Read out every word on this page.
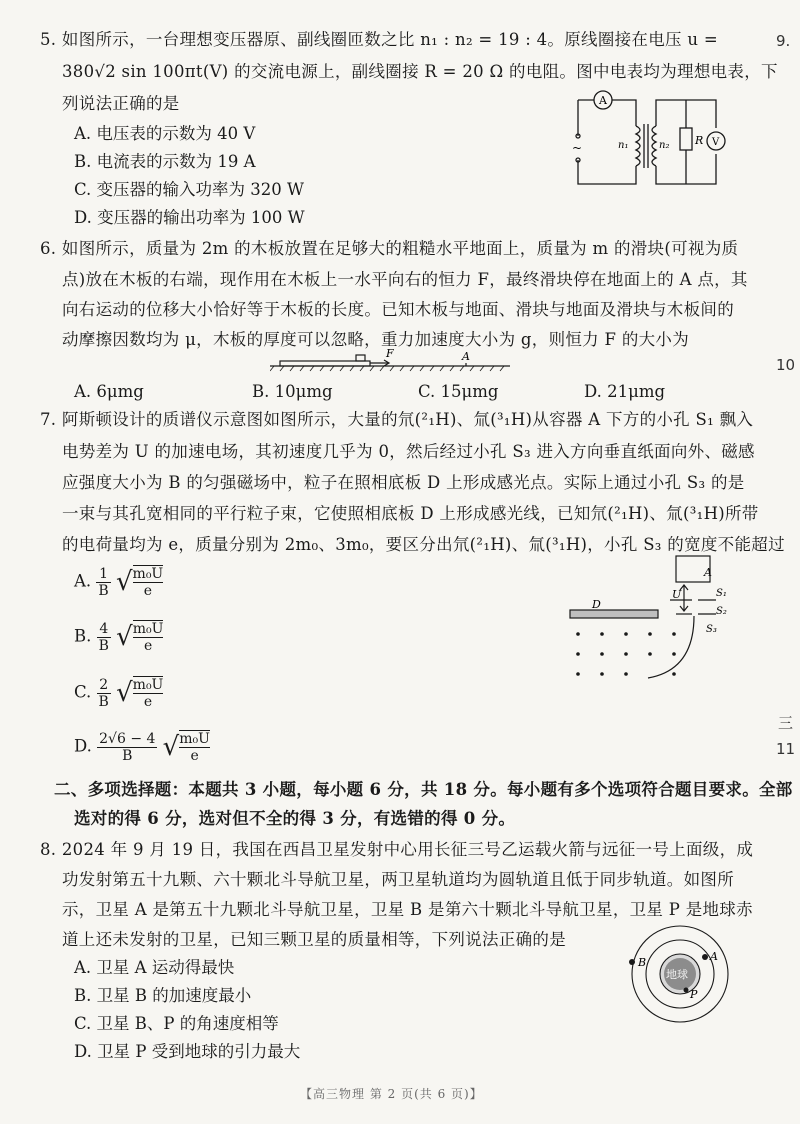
5. 如图所示，一台理想变压器原、副线圈匝数之比 n₁ : n₂ = 19 : 4。原线圈接在电压 u =
380√2 sin 100πt(V) 的交流电源上，副线圈接 R = 20 Ω 的电阻。图中电表均为理想电表，下
列说法正确的是
A. 电压表的示数为 40 V
B. 电流表的示数为 19 A
C. 变压器的输入功率为 320 W
D. 变压器的输出功率为 100 W
A
~	n₁	n₂ R V
6. 如图所示，质量为 2m 的木板放置在足够大的粗糙水平地面上，质量为 m 的滑块(可视为质
点)放在木板的右端，现作用在木板上一水平向右的恒力 F，最终滑块停在地面上的 A 点，其
向右运动的位移大小恰好等于木板的长度。已知木板与地面、滑块与地面及滑块与木板间的
动摩擦因数均为 μ，木板的厚度可以忽略，重力加速度大小为 g，则恒力 F 的大小为
F	A
A. 6μmg	B. 10μmg	C. 15μmg	D. 21μmg
7. 阿斯顿设计的质谱仪示意图如图所示，大量的氘(²₁H)、氚(³₁H)从容器 A 下方的小孔 S₁ 飘入
电势差为 U 的加速电场，其初速度几乎为 0，然后经过小孔 S₃ 进入方向垂直纸面向外、磁感
应强度大小为 B 的匀强磁场中，粒子在照相底板 D 上形成感光点。实际上通过小孔 S₃ 的是
一束与其孔宽相同的平行粒子束，它使照相底板 D 上形成感光线，已知氘(²₁H)、氚(³₁H)所带
的电荷量均为 e，质量分别为 2m₀、3m₀，要区分出氘(²₁H)、氚(³₁H)，小孔 S₃ 的宽度不能超过
A. $\frac{1}{B}$ √ $\frac{\text{m₀U}}{e}$
B. $\frac{4}{B}$ √ $\frac{\text{m₀U}}{e}$
C. $\frac{2}{B}$ √ $\frac{\text{m₀U}}{e}$
D. $\frac{2√6 - 4}{B}$ √ $\frac{\text{m₀U}}{e}$
A
U	S₁
S₂
S₃
D
二、多项选择题：本题共 3 小题，每小题 6 分，共 18 分。每小题有多个选项符合题目要求。全部
选对的得 6 分，选对但不全的得 3 分，有选错的得 0 分。
8. 2024 年 9 月 19 日，我国在西昌卫星发射中心用长征三号乙运载火箭与远征一号上面级，成
功发射第五十九颗、六十颗北斗导航卫星，两卫星轨道均为圆轨道且低于同步轨道。如图所
示，卫星 A 是第五十九颗北斗导航卫星，卫星 B 是第六十颗北斗导航卫星，卫星 P 是地球赤
道上还未发射的卫星，已知三颗卫星的质量相等，下列说法正确的是
A. 卫星 A 运动得最快
B. 卫星 B 的加速度最小
C. 卫星 B、P 的角速度相等
D. 卫星 P 受到地球的引力最大
地球
A
B
P
9.
10
三
11
【高三物理 第 2 页(共 6 页)】
